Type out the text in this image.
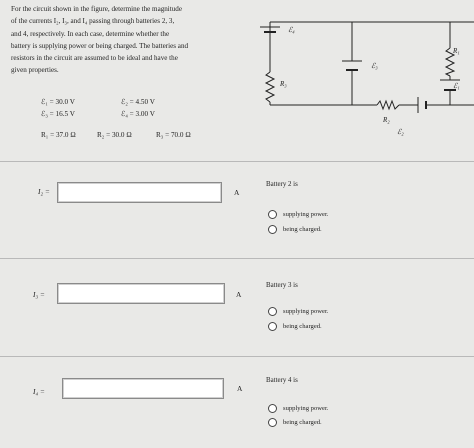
For the circuit shown in the figure, determine the magnitude
of the currents I₂, I₃, and I₄ passing through batteries 2, 3,
and 4, respectively. In each case, determine whether the
battery is supplying power or being charged. The batteries and
resistors in the circuit are assumed to be ideal and have the
given properties.
ℰ₁ = 30.0 V	ℰ₂ = 4.50 V
ℰ₃ = 16.5 V	ℰ₄ = 3.00 V
R₁ = 37.0 Ω	R₂ = 30.0 Ω	R₃ = 70.0 Ω
ℰ₄
ℰ₃
R₃
R₁
ℰ₁
R₂
ℰ₂
I₂ =	A
Battery 2 is
supplying power.
being charged.
I₃ =	A
Battery 3 is
supplying power.
being charged.
I₄ =	A
Battery 4 is
supplying power.
being charged.
